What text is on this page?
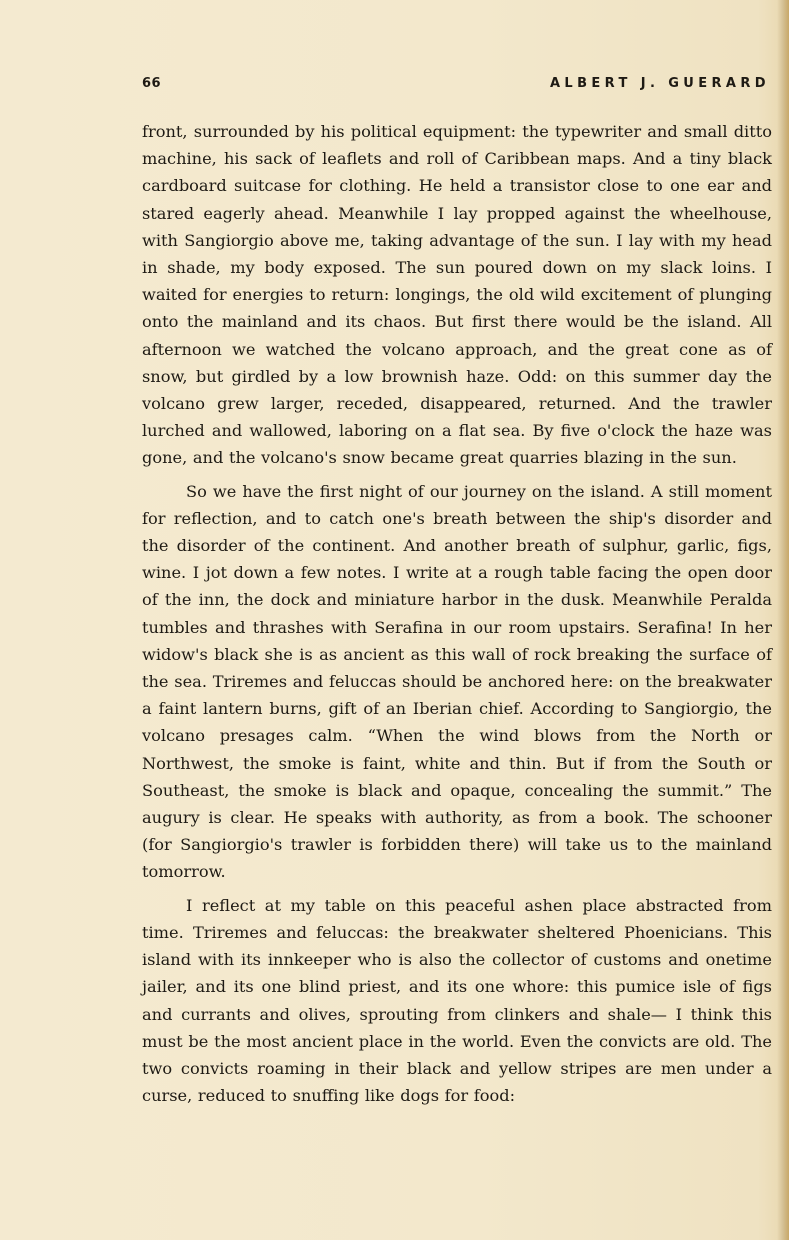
66	ALBERT J. GUERARD

front, surrounded by his political equipment: the typewriter and small ditto machine, his sack of leaflets and roll of Caribbean maps. And a tiny black cardboard suitcase for clothing. He held a transistor close to one ear and stared eagerly ahead. Meanwhile I lay propped against the wheelhouse, with Sangiorgio above me, taking advantage of the sun. I lay with my head in shade, my body exposed. The sun poured down on my slack loins. I waited for energies to return: longings, the old wild excitement of plunging onto the mainland and its chaos. But first there would be the island. All afternoon we watched the volcano approach, and the great cone as of snow, but girdled by a low brownish haze. Odd: on this summer day the volcano grew larger, receded, disappeared, returned. And the trawler lurched and wallowed, laboring on a flat sea. By five o'clock the haze was gone, and the volcano's snow became great quarries blazing in the sun.

So we have the first night of our journey on the island. A still moment for reflection, and to catch one's breath between the ship's disorder and the disorder of the continent. And another breath of sulphur, garlic, figs, wine. I jot down a few notes. I write at a rough table facing the open door of the inn, the dock and miniature harbor in the dusk. Meanwhile Peralda tumbles and thrashes with Serafina in our room upstairs. Serafina! In her widow's black she is as ancient as this wall of rock breaking the surface of the sea. Triremes and feluccas should be anchored here: on the breakwater a faint lantern burns, gift of an Iberian chief. According to Sangiorgio, the volcano presages calm. “When the wind blows from the North or Northwest, the smoke is faint, white and thin. But if from the South or Southeast, the smoke is black and opaque, concealing the summit.” The augury is clear. He speaks with authority, as from a book. The schooner (for Sangiorgio's trawler is forbidden there) will take us to the mainland tomorrow.

I reflect at my table on this peaceful ashen place abstracted from time. Triremes and feluccas: the breakwater sheltered Phoenicians. This island with its innkeeper who is also the collector of customs and onetime jailer, and its one blind priest, and its one whore: this pumice isle of figs and currants and olives, sprouting from clinkers and shale— I think this must be the most ancient place in the world. Even the convicts are old. The two convicts roaming in their black and yellow stripes are men under a curse, reduced to snuffing like dogs for food:
